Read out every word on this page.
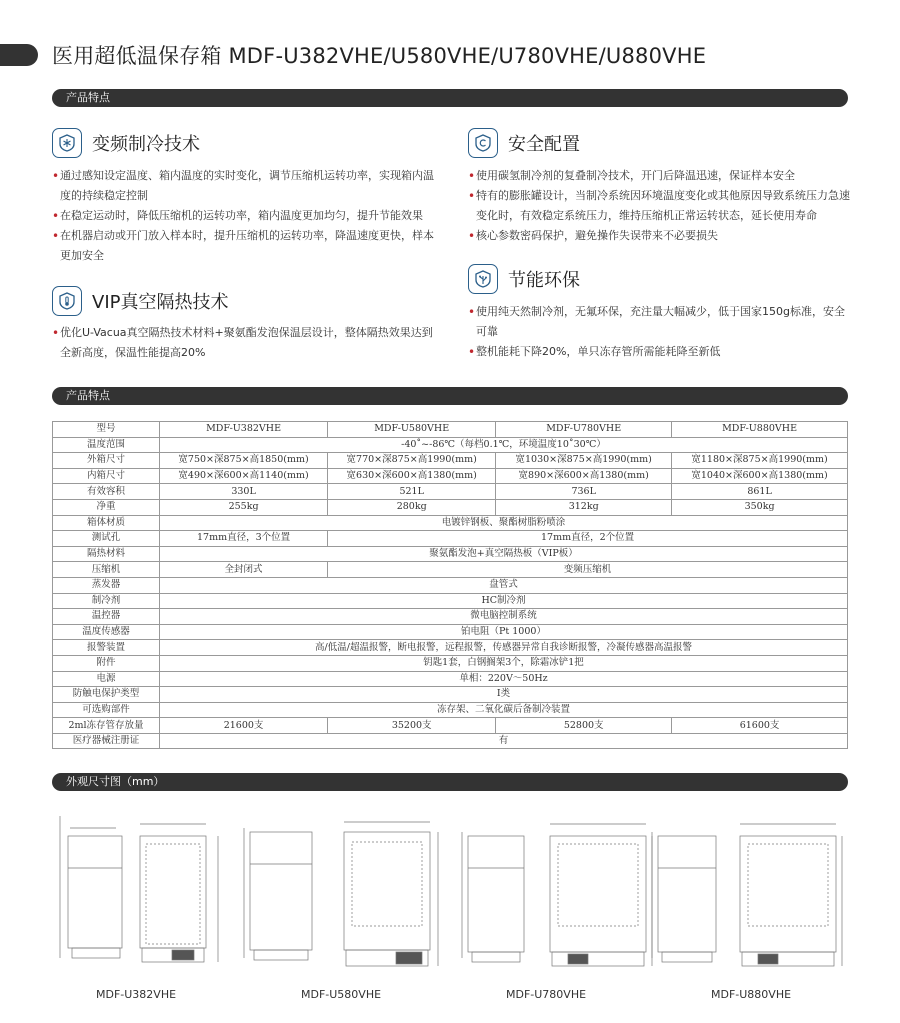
医用超低温保存箱 MDF-U382VHE/U580VHE/U780VHE/U880VHE
产品特点
变频制冷技术
• 通过感知设定温度、箱内温度的实时变化，调节压缩机运转功率，实现箱内温度的持续稳定控制
• 在稳定运动时，降低压缩机的运转功率，箱内温度更加均匀，提升节能效果
• 在机器启动或开门放入样本时，提升压缩机的运转功率，降温速度更快，样本更加安全
VIP真空隔热技术
• 优化U-Vacua真空隔热技术材料+聚氨酯发泡保温层设计，整体隔热效果达到全新高度，保温性能提高20%
安全配置
• 使用碳氢制冷剂的复叠制冷技术，开门后降温迅速，保证样本安全
• 特有的膨胀罐设计，当制冷系统因环境温度变化或其他原因导致系统压力急速变化时，有效稳定系统压力，维持压缩机正常运转状态，延长使用寿命
• 核心参数密码保护，避免操作失误带来不必要损失
节能环保
• 使用纯天然制冷剂，无氟环保，充注量大幅减少，低于国家150g标准，安全可靠
• 整机能耗下降20%，单只冻存管所需能耗降至新低
产品特点
型号	MDF-U382VHE	MDF-U580VHE	MDF-U780VHE	MDF-U880VHE
温度范围	-40˚~-86℃（每档0.1℃，环境温度10˚30℃）			
外箱尺寸	宽750×深875×高1850(mm)	宽770×深875×高1990(mm)	宽1030×深875×高1990(mm)	宽1180×深875×高1990(mm)
内箱尺寸	宽490×深600×高1140(mm)	宽630×深600×高1380(mm)	宽890×深600×高1380(mm)	宽1040×深600×高1380(mm)
有效容积	330L	521L	736L	861L
净重	255kg	280kg	312kg	350kg
箱体材质	电镀锌钢板、聚酯树脂粉喷涂			
测试孔	17mm直径，3个位置	17mm直径，2个位置		
隔热材料	聚氨酯发泡+真空隔热板（VIP板）			
压缩机	全封闭式	变频压缩机		
蒸发器	盘管式			
制冷剂	HC制冷剂			
温控器	微电脑控制系统			
温度传感器	铂电阻（Pt 1000）			
报警装置	高/低温/超温报警，断电报警，远程报警，传感器异常自我诊断报警，冷凝传感器高温报警			
附件	钥匙1套，白钢搁架3个，除霜冰铲1把			
电源	单相：220V～50Hz			
防触电保护类型	I类			
可选购部件	冻存架、二氧化碳后备制冷装置			
2ml冻存管存放量	21600支	35200支	52800支	61600支
医疗器械注册证	有			
外观尺寸图（mm）
MDF-U382VHE	MDF-U580VHE	MDF-U780VHE	MDF-U880VHE
